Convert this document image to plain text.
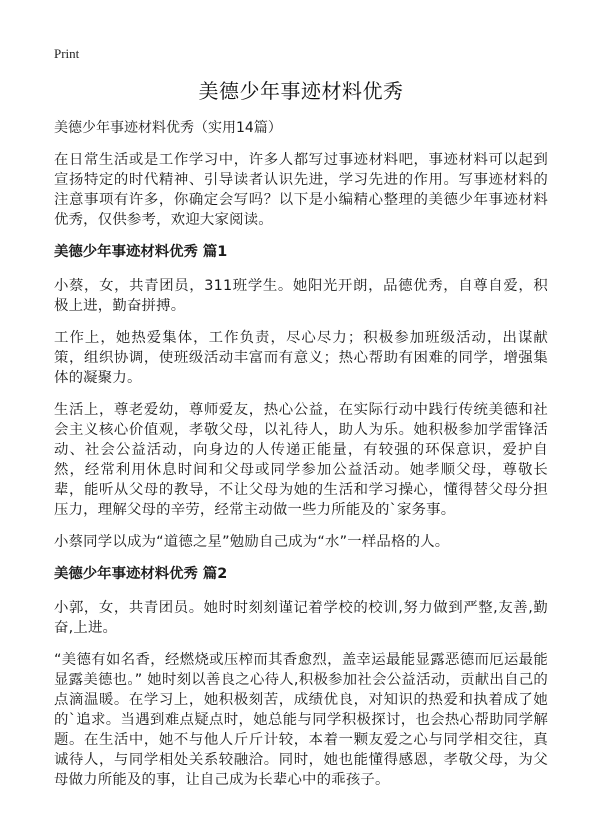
Print
美德少年事迹材料优秀
美德少年事迹材料优秀（实用14篇）

在日常生活或是工作学习中，许多人都写过事迹材料吧，事迹材料可以起到宣扬特定的时代精神、引导读者认识先进，学习先进的作用。写事迹材料的注意事项有许多，你确定会写吗？以下是小编精心整理的美德少年事迹材料优秀，仅供参考，欢迎大家阅读。

美德少年事迹材料优秀 篇1

小蔡，女，共青团员，311班学生。她阳光开朗，品德优秀，自尊自爱，积极上进，勤奋拼搏。

工作上，她热爱集体，工作负责，尽心尽力；积极参加班级活动，出谋献策，组织协调，使班级活动丰富而有意义；热心帮助有困难的同学，增强集体的凝聚力。

生活上，尊老爱幼，尊师爱友，热心公益，在实际行动中践行传统美德和社会主义核心价值观，孝敬父母，以礼待人，助人为乐。她积极参加学雷锋活动、社会公益活动，向身边的人传递正能量，有较强的环保意识，爱护自然，经常利用休息时间和父母或同学参加公益活动。她孝顺父母，尊敬长辈，能听从父母的教导，不让父母为她的生活和学习操心，懂得替父母分担压力，理解父母的辛劳，经常主动做一些力所能及的`家务事。

小蔡同学以成为“道德之星”勉励自己成为“水”一样品格的人。

美德少年事迹材料优秀 篇2

小郭，女，共青团员。她时时刻刻谨记着学校的校训,努力做到严整,友善,勤奋,上进。

“美德有如名香，经燃烧或压榨而其香愈烈，盖幸运最能显露恶德而厄运最能显露美德也。” 她时刻以善良之心待人,积极参加社会公益活动，贡献出自己的点滴温暖。在学习上，她积极刻苦，成绩优良，对知识的热爱和执着成了她的`追求。当遇到难点疑点时，她总能与同学积极探讨，也会热心帮助同学解题。在生活中，她不与他人斤斤计较，本着一颗友爱之心与同学相交往，真诚待人，与同学相处关系较融洽。同时，她也能懂得感恩，孝敬父母，为父母做力所能及的事，让自己成为长辈心中的乖孩子。
